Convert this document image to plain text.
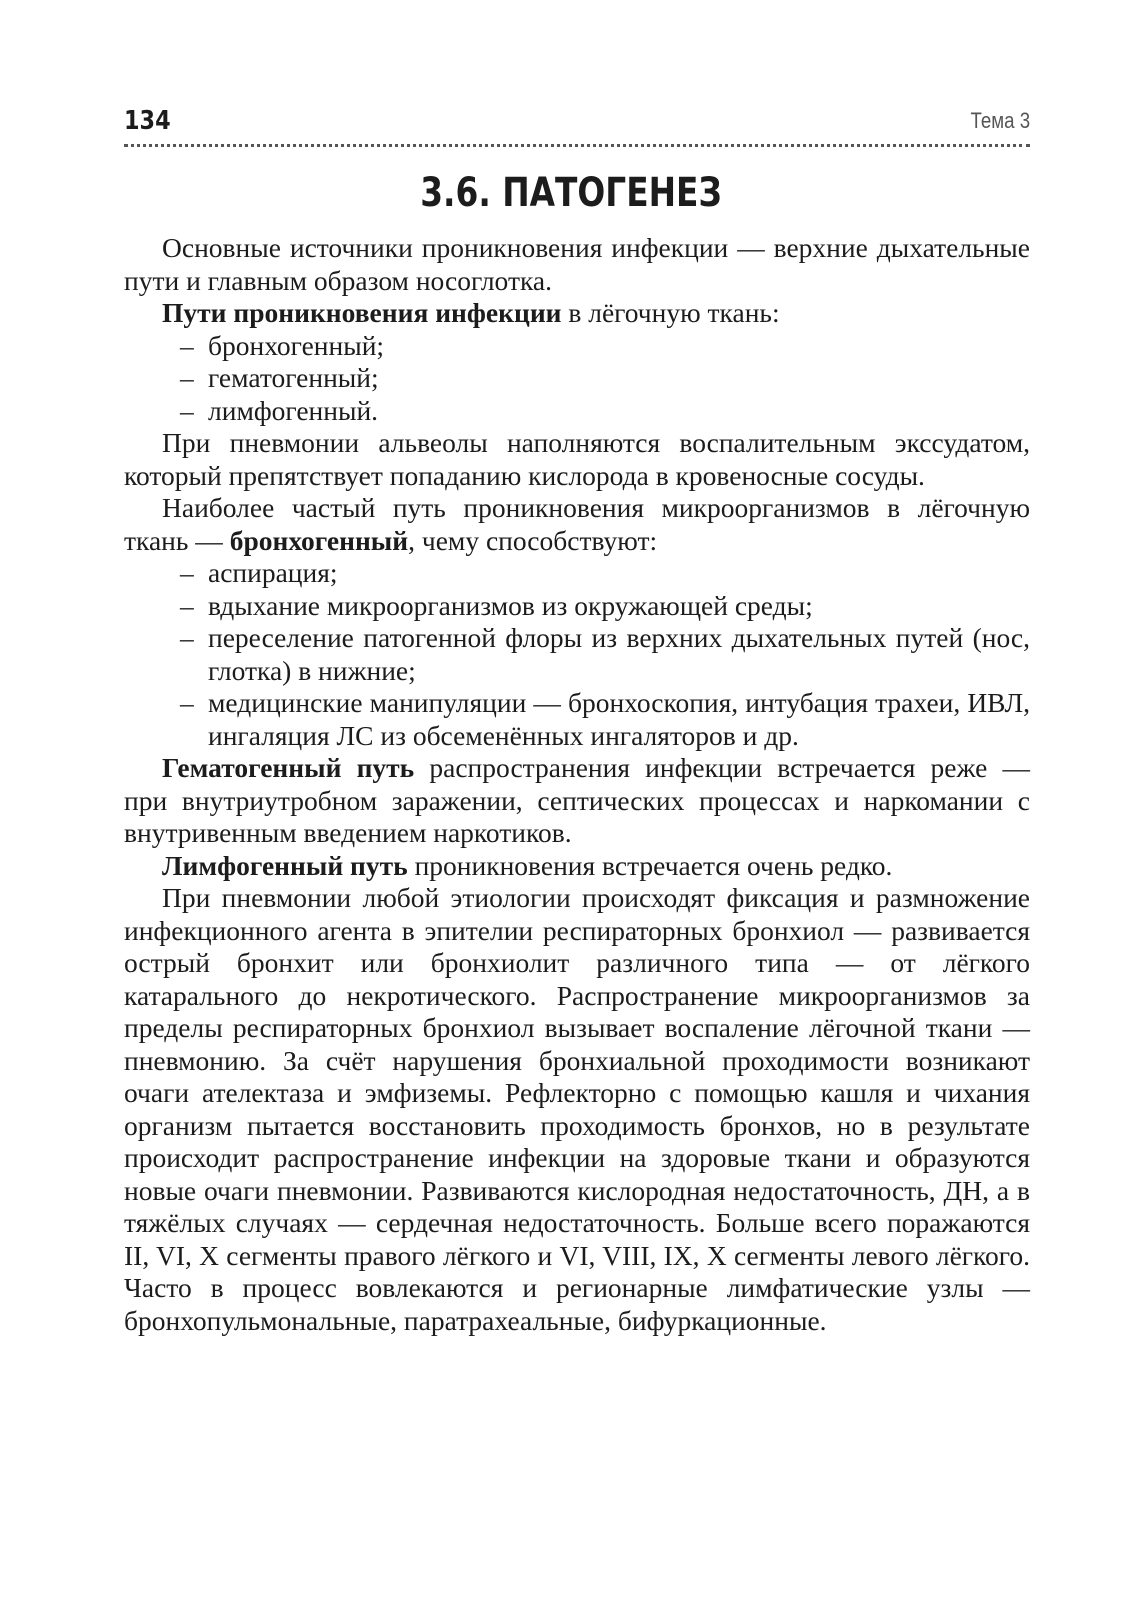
134	Тема 3
3.6. ПАТОГЕНЕЗ

Основные источники проникновения инфекции — верхние дыхательные пути и главным образом носоглотка.

Пути проникновения инфекции в лёгочную ткань:

– бронхогенный;
– гематогенный;
– лимфогенный.

При пневмонии альвеолы наполняются воспалительным экссудатом, который препятствует попаданию кислорода в кровеносные сосуды.

Наиболее частый путь проникновения микроорганизмов в лёгочную ткань — бронхогенный, чему способствуют:

– аспирация;
– вдыхание микроорганизмов из окружающей среды;
– переселение патогенной флоры из верхних дыхательных путей (нос, глотка) в нижние;
– медицинские манипуляции — бронхоскопия, интубация трахеи, ИВЛ, ингаляция ЛС из обсеменённых ингаляторов и др.

Гематогенный путь распространения инфекции встречается реже — при внутриутробном заражении, септических процессах и наркомании с внутривенным введением наркотиков.

Лимфогенный путь проникновения встречается очень редко.

При пневмонии любой этиологии происходят фиксация и размножение инфекционного агента в эпителии респираторных бронхиол — развивается острый бронхит или бронхиолит различного типа — от лёгкого катарального до некротического. Распространение микроорганизмов за пределы респираторных бронхиол вызывает воспаление лёгочной ткани — пневмонию. За счёт нарушения бронхиальной проходимости возникают очаги ателектаза и эмфиземы. Рефлекторно с помощью кашля и чихания организм пытается восстановить проходимость бронхов, но в результате происходит распространение инфекции на здоровые ткани и образуются новые очаги пневмонии. Развиваются кислородная недостаточность, ДН, а в тяжёлых случаях — сердечная недостаточность. Больше всего поражаются II, VI, X сегменты правого лёгкого и VI, VIII, IX, X сегменты левого лёгкого. Часто в процесс вовлекаются и регионарные лимфатические узлы — бронхопульмональные, паратрахеальные, бифуркационные.
